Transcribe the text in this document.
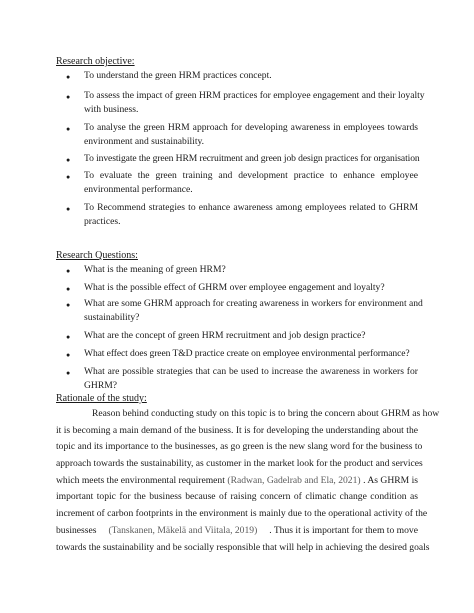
Research objective:
● To understand the green HRM practices concept.
● To assess the impact of green HRM practices for employee engagement and their loyalty
with business.
● To analyse the green HRM approach for developing awareness in employees towards
environment and sustainability.
● To investigate the green HRM recruitment and green job design practices for organisation
● To evaluate the green training and development practice to enhance employee
environmental performance.
● To Recommend strategies to enhance awareness among employees related to GHRM
practices.
Research Questions:
● What is the meaning of green HRM?
● What is the possible effect of GHRM over employee engagement and loyalty?
● What are some GHRM approach for creating awareness in workers for environment and
sustainability?
● What are the concept of green HRM recruitment and job design practice?
● What effect does green T&D practice create on employee environmental performance?
● What are possible strategies that can be used to increase the awareness in workers for
GHRM?
Rationale of the study:
Reason behind conducting study on this topic is to bring the concern about GHRM as how
it is becoming a main demand of the business. It is for developing the understanding about the
topic and its importance to the businesses, as go green is the new slang word for the business to
approach towards the sustainability, as customer in the market look for the product and services
which meets the environmental requirement (Radwan, Gadelrab and Ela, 2021) . As GHRM is
important topic for the business because of raising concern of climatic change condition as
increment of carbon footprints in the environment is mainly due to the operational activity of the
businesses (Tanskanen, Mäkelä and Viitala, 2019) . Thus it is important for them to move
towards the sustainability and be socially responsible that will help in achieving the desired goals
